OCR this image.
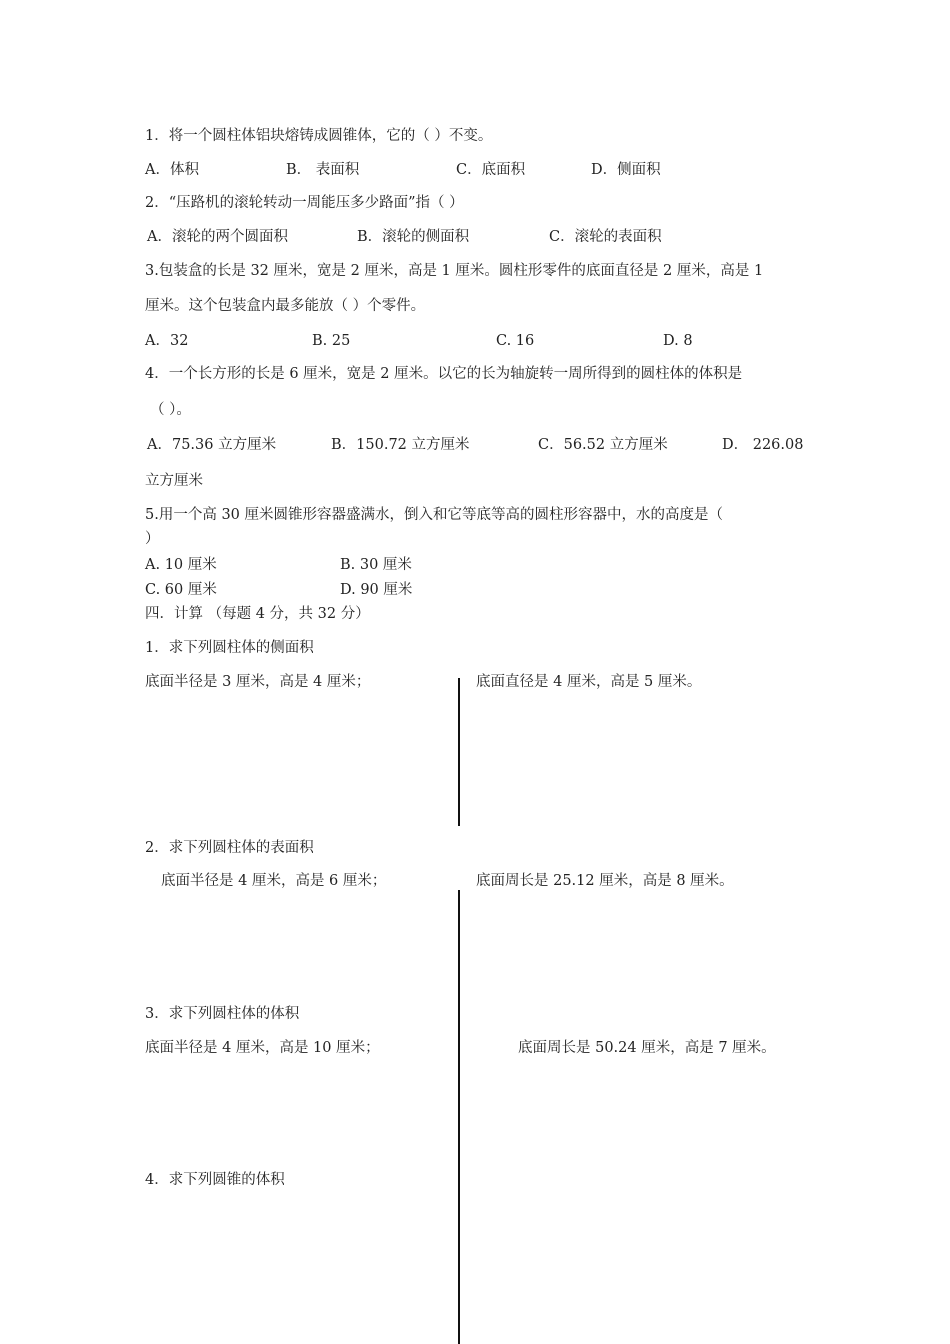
1．将一个圆柱体铝块熔铸成圆锥体，它的（ ）不变。
A．体积	B． 表面积	C．底面积	D．侧面积
2．“压路机的滚轮转动一周能压多少路面”指（ ）
A．滚轮的两个圆面积	B．滚轮的侧面积	C．滚轮的表面积
3.包装盒的长是 32 厘米，宽是 2 厘米，高是 1 厘米。圆柱形零件的底面直径是 2 厘米，高是 1
厘米。这个包装盒内最多能放（ ）个零件。
A．32	B. 25	C. 16	D. 8
4．一个长方形的长是 6 厘米，宽是 2 厘米。以它的长为轴旋转一周所得到的圆柱体的体积是
（ ）。
A．75.36 立方厘米	B．150.72 立方厘米	C．56.52 立方厘米	D． 226.08
立方厘米
5.用一个高 30 厘米圆锥形容器盛满水，倒入和它等底等高的圆柱形容器中，水的高度是（
）
A. 10 厘米	B. 30 厘米
C. 60 厘米	D. 90 厘米
四．计算 （每题 4 分，共 32 分）
1．求下列圆柱体的侧面积
底面半径是 3 厘米，高是 4 厘米；	底面直径是 4 厘米，高是 5 厘米。
2．求下列圆柱体的表面积
底面半径是 4 厘米，高是 6 厘米；	底面周长是 25.12 厘米，高是 8 厘米。
3．求下列圆柱体的体积
底面半径是 4 厘米，高是 10 厘米；	底面周长是 50.24 厘米，高是 7 厘米。
4．求下列圆锥的体积
